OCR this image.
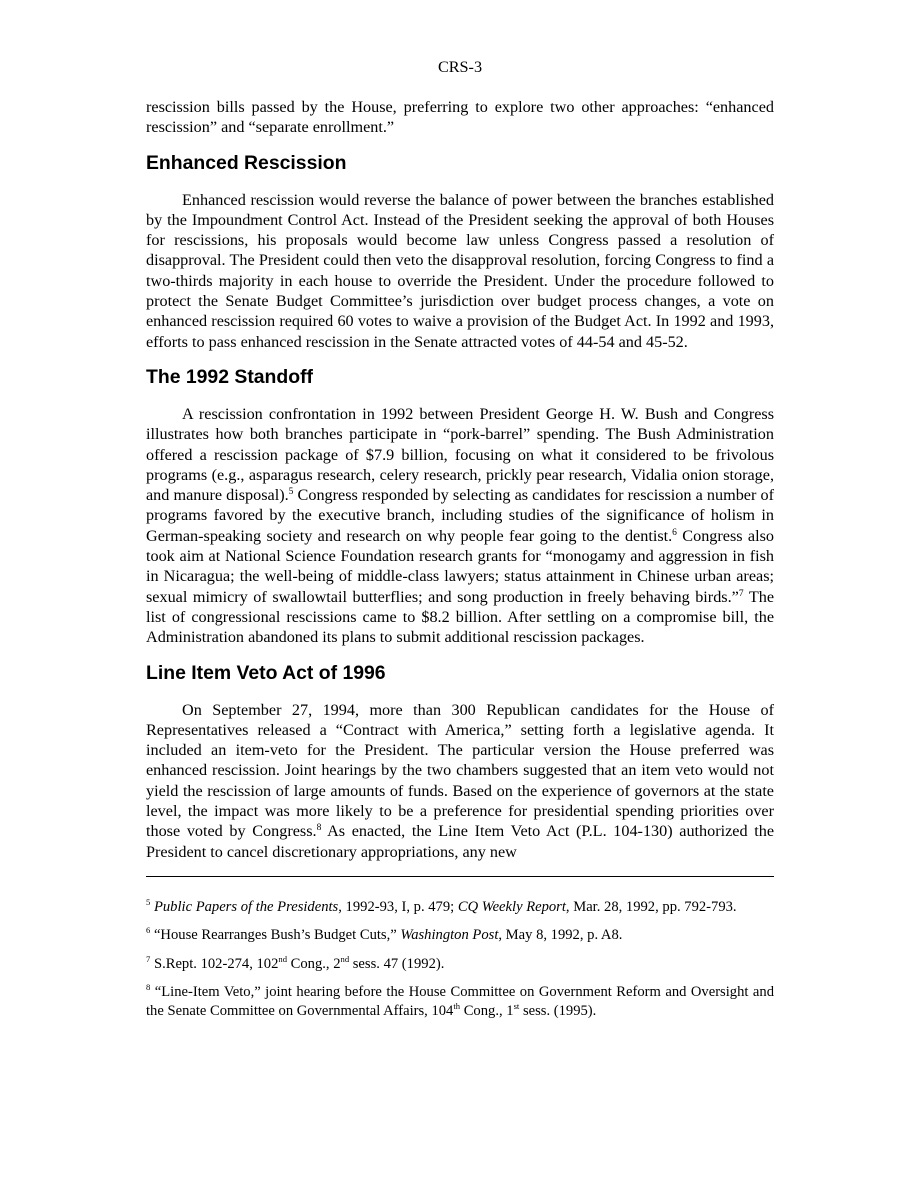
CRS-3

rescission bills passed by the House, preferring to explore two other approaches: “enhanced rescission” and “separate enrollment.”

Enhanced Rescission

Enhanced rescission would reverse the balance of power between the branches established by the Impoundment Control Act. Instead of the President seeking the approval of both Houses for rescissions, his proposals would become law unless Congress passed a resolution of disapproval. The President could then veto the disapproval resolution, forcing Congress to find a two-thirds majority in each house to override the President. Under the procedure followed to protect the Senate Budget Committee’s jurisdiction over budget process changes, a vote on enhanced rescission required 60 votes to waive a provision of the Budget Act. In 1992 and 1993, efforts to pass enhanced rescission in the Senate attracted votes of 44-54 and 45-52.

The 1992 Standoff

A rescission confrontation in 1992 between President George H. W. Bush and Congress illustrates how both branches participate in “pork-barrel” spending. The Bush Administration offered a rescission package of $7.9 billion, focusing on what it considered to be frivolous programs (e.g., asparagus research, celery research, prickly pear research, Vidalia onion storage, and manure disposal).$^5$ Congress responded by selecting as candidates for rescission a number of programs favored by the executive branch, including studies of the significance of holism in German-speaking society and research on why people fear going to the dentist.$^6$ Congress also took aim at National Science Foundation research grants for “monogamy and aggression in fish in Nicaragua; the well-being of middle-class lawyers; status attainment in Chinese urban areas; sexual mimicry of swallowtail butterflies; and song production in freely behaving birds.”$^7$ The list of congressional rescissions came to $8.2 billion. After settling on a compromise bill, the Administration abandoned its plans to submit additional rescission packages.

Line Item Veto Act of 1996

On September 27, 1994, more than 300 Republican candidates for the House of Representatives released a “Contract with America,” setting forth a legislative agenda. It included an item-veto for the President. The particular version the House preferred was enhanced rescission. Joint hearings by the two chambers suggested that an item veto would not yield the rescission of large amounts of funds. Based on the experience of governors at the state level, the impact was more likely to be a preference for presidential spending priorities over those voted by Congress.$^8$ As enacted, the Line Item Veto Act (P.L. 104-130) authorized the President to cancel discretionary appropriations, any new

$^5$ Public Papers of the Presidents, 1992-93, I, p. 479; CQ Weekly Report, Mar. 28, 1992, pp. 792-793.

$^6$ “House Rearranges Bush’s Budget Cuts,” Washington Post, May 8, 1992, p. A8.

$^7$ S.Rept. 102-274, 102nd Cong., 2nd sess. 47 (1992).

$^8$ “Line-Item Veto,” joint hearing before the House Committee on Government Reform and Oversight and the Senate Committee on Governmental Affairs, 104th Cong., 1st sess. (1995).
